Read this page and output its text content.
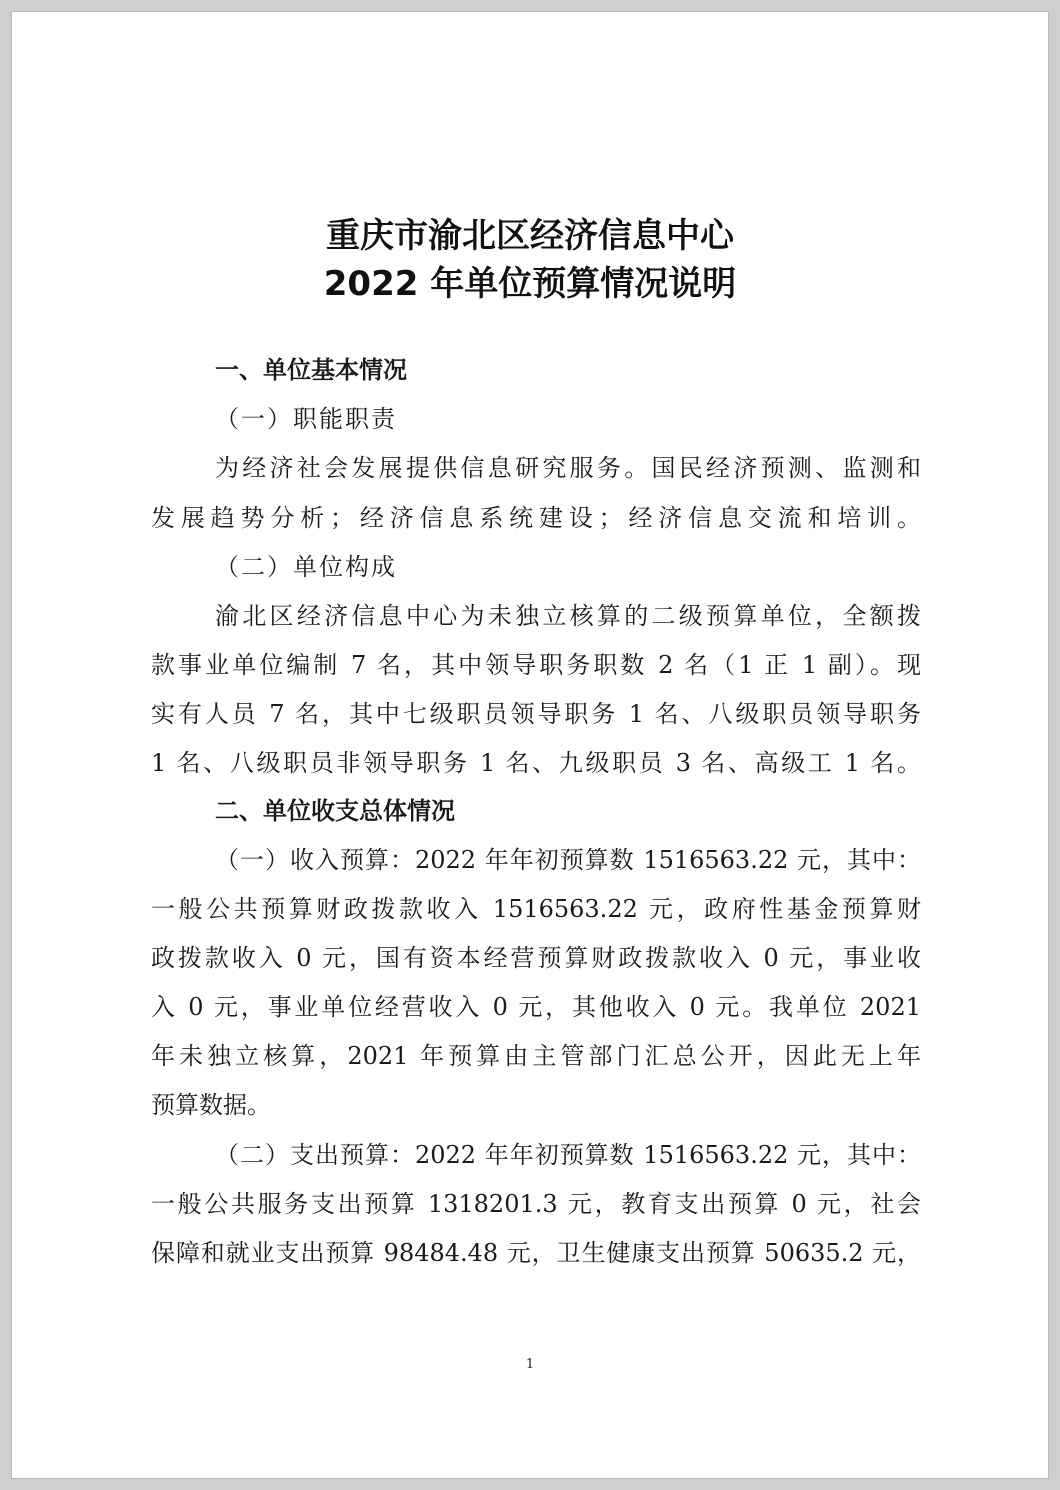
重庆市渝北区经济信息中心
2022 年单位预算情况说明
一、单位基本情况
（一）职能职责
为经济社会发展提供信息研究服务。国民经济预测、监测和
发展趋势分析；经济信息系统建设；经济信息交流和培训。
（二）单位构成
渝北区经济信息中心为未独立核算的二级预算单位，全额拨
款事业单位编制 7 名，其中领导职务职数 2 名（1 正 1 副）。现
实有人员 7 名，其中七级职员领导职务 1 名、八级职员领导职务
1 名、八级职员非领导职务 1 名、九级职员 3 名、高级工 1 名。
二、单位收支总体情况
（一）收入预算：2022 年年初预算数 1516563.22 元，其中：
一般公共预算财政拨款收入 1516563.22 元，政府性基金预算财
政拨款收入 0 元，国有资本经营预算财政拨款收入 0 元，事业收
入 0 元，事业单位经营收入 0 元，其他收入 0 元。我单位 2021
年未独立核算，2021 年预算由主管部门汇总公开，因此无上年
预算数据。
（二）支出预算：2022 年年初预算数 1516563.22 元，其中：
一般公共服务支出预算 1318201.3 元，教育支出预算 0 元，社会
保障和就业支出预算 98484.48 元，卫生健康支出预算 50635.2 元，
1
